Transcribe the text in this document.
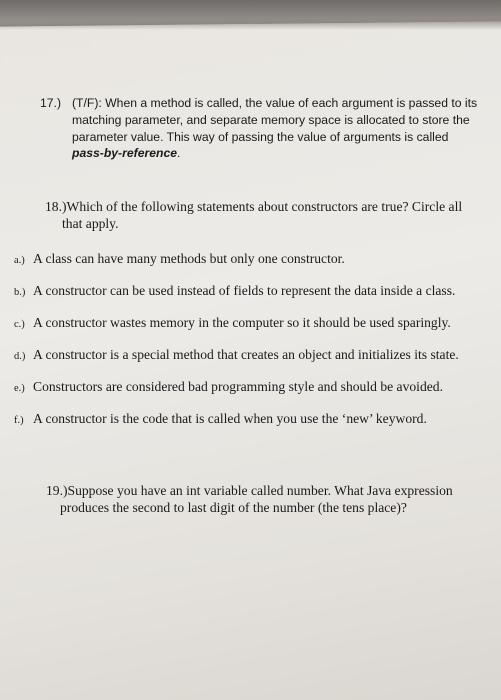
17.) (T/F): When a method is called, the value of each argument is passed to its matching parameter, and separate memory space is allocated to store the parameter value. This way of passing the value of arguments is called pass-by-reference.
18.)Which of the following statements about constructors are true? Circle all
that apply.
a.) A class can have many methods but only one constructor.
b.) A constructor can be used instead of fields to represent the data inside a class.
c.) A constructor wastes memory in the computer so it should be used sparingly.
d.) A constructor is a special method that creates an object and initializes its state.
e.) Constructors are considered bad programming style and should be avoided.
f.) A constructor is the code that is called when you use the ‘new’ keyword.
19.)Suppose you have an int variable called number. What Java expression
produces the second to last digit of the number (the tens place)?
